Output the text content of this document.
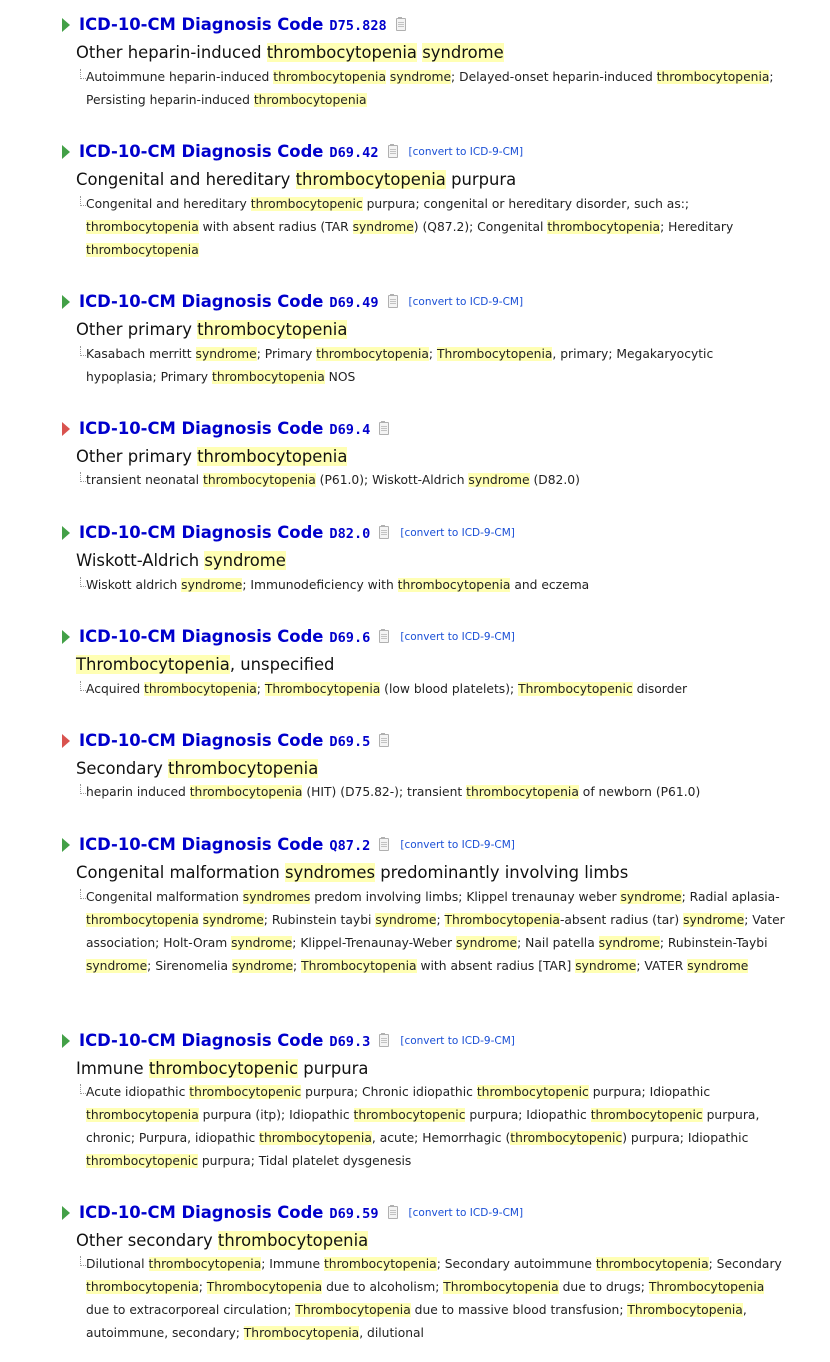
ICD-10-CM Diagnosis Code D75.828
Other heparin-induced thrombocytopenia syndrome
Autoimmune heparin-induced thrombocytopenia syndrome; Delayed-onset heparin-induced thrombocytopenia; Persisting heparin-induced thrombocytopenia
ICD-10-CM Diagnosis Code D69.42	[convert to ICD-9-CM]
Congenital and hereditary thrombocytopenia purpura
Congenital and hereditary thrombocytopenic purpura; congenital or hereditary disorder, such as:; thrombocytopenia with absent radius (TAR syndrome) (Q87.2); Congenital thrombocytopenia; Hereditary thrombocytopenia
ICD-10-CM Diagnosis Code D69.49	[convert to ICD-9-CM]
Other primary thrombocytopenia
Kasabach merritt syndrome; Primary thrombocytopenia; Thrombocytopenia, primary; Megakaryocytic hypoplasia; Primary thrombocytopenia NOS
ICD-10-CM Diagnosis Code D69.4
Other primary thrombocytopenia
transient neonatal thrombocytopenia (P61.0); Wiskott-Aldrich syndrome (D82.0)
ICD-10-CM Diagnosis Code D82.0	[convert to ICD-9-CM]
Wiskott-Aldrich syndrome
Wiskott aldrich syndrome; Immunodeficiency with thrombocytopenia and eczema
ICD-10-CM Diagnosis Code D69.6	[convert to ICD-9-CM]
Thrombocytopenia, unspecified
Acquired thrombocytopenia; Thrombocytopenia (low blood platelets); Thrombocytopenic disorder
ICD-10-CM Diagnosis Code D69.5
Secondary thrombocytopenia
heparin induced thrombocytopenia (HIT) (D75.82-); transient thrombocytopenia of newborn (P61.0)
ICD-10-CM Diagnosis Code Q87.2	[convert to ICD-9-CM]
Congenital malformation syndromes predominantly involving limbs
Congenital malformation syndromes predom involving limbs; Klippel trenaunay weber syndrome; Radial aplasia-thrombocytopenia syndrome; Rubinstein taybi syndrome; Thrombocytopenia-absent radius (tar) syndrome; Vater association; Holt-Oram syndrome; Klippel-Trenaunay-Weber syndrome; Nail patella syndrome; Rubinstein-Taybi syndrome; Sirenomelia syndrome; Thrombocytopenia with absent radius [TAR] syndrome; VATER syndrome
ICD-10-CM Diagnosis Code D69.3	[convert to ICD-9-CM]
Immune thrombocytopenic purpura
Acute idiopathic thrombocytopenic purpura; Chronic idiopathic thrombocytopenic purpura; Idiopathic thrombocytopenia purpura (itp); Idiopathic thrombocytopenic purpura; Idiopathic thrombocytopenic purpura, chronic; Purpura, idiopathic thrombocytopenia, acute; Hemorrhagic (thrombocytopenic) purpura; Idiopathic thrombocytopenic purpura; Tidal platelet dysgenesis
ICD-10-CM Diagnosis Code D69.59	[convert to ICD-9-CM]
Other secondary thrombocytopenia
Dilutional thrombocytopenia; Immune thrombocytopenia; Secondary autoimmune thrombocytopenia; Secondary thrombocytopenia; Thrombocytopenia due to alcoholism; Thrombocytopenia due to drugs; Thrombocytopenia due to extracorporeal circulation; Thrombocytopenia due to massive blood transfusion; Thrombocytopenia, autoimmune, secondary; Thrombocytopenia, dilutional
